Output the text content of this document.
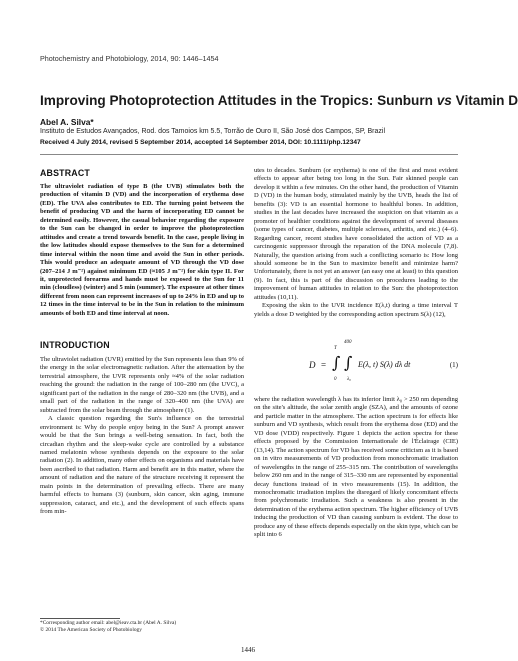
Photochemistry and Photobiology, 2014, 90: 1446–1454
Improving Photoprotection Attitudes in the Tropics: Sunburn vs Vitamin D
Abel A. Silva*
Instituto de Estudos Avançados, Rod. dos Tamoios km 5.5, Torrão de Ouro II, São José dos Campos, SP, Brazil
Received 4 July 2014, revised 5 September 2014, accepted 14 September 2014, DOI: 10.1111/php.12347
ABSTRACT
The ultraviolet radiation of type B (the UVB) stimulates both the production of vitamin D (VD) and the incorporation of erythema dose (ED). The UVA also contributes to ED. The turning point between the benefit of producing VD and the harm of incorporating ED cannot be determined easily. However, the casual behavior regarding the exposure to the Sun can be changed in order to improve the photoprotection attitudes and create a trend towards benefit. In the case, people living in the low latitudes should expose themselves to the Sun for a determined time interval within the noon time and avoid the Sun in other periods. This would produce an adequate amount of VD through the VD dose (207–214 J m⁻²) against minimum ED (≈105 J m⁻²) for skin type II. For it, unprotected forearms and hands must be exposed to the Sun for 11 min (cloudless) (winter) and 5 min (summer). The exposure at other times different from noon can represent increases of up to 24% in ED and up to 12 times in the time interval to be in the Sun in relation to the minimum amounts of both ED and time interval at noon.
INTRODUCTION

The ultraviolet radiation (UVR) emitted by the Sun represents less than 9% of the energy in the solar electromagnetic radiation. After the attenuation by the terrestrial atmosphere, the UVR represents only ≈4% of the solar radiation reaching the ground: the radiation in the range of 100–280 nm (the UVC), a significant part of the radiation in the range of 280–320 nm (the UVB), and a small part of the radiation in the range of 320–400 nm (the UVA) are subtracted from the solar beam through the atmosphere (1).

A classic question regarding the Sun's influence on the terrestrial environment is: Why do people enjoy being in the Sun? A prompt answer would be that the Sun brings a well-being sensation. In fact, both the circadian rhythm and the sleep-wake cycle are controlled by a substance named melatonin whose synthesis depends on the exposure to the solar radiation (2). In addition, many other effects on organisms and materials have been ascribed to that radiation. Harm and benefit are in this matter, where the amount of radiation and the nature of the structure receiving it represent the main points in the determination of prevailing effects. There are many harmful effects to humans (3) (sunburn, skin cancer, skin aging, immune suppression, cataract, and etc.), and the development of such effects spans from min-

utes to decades. Sunburn (or erythema) is one of the first and most evident effects to appear after being too long in the Sun. Fair skinned people can develop it within a few minutes. On the other hand, the production of Vitamin D (VD) in the human body, stimulated mainly by the UVB, heads the list of benefits (3): VD is an essential hormone to healthful bones. In addition, studies in the last decades have increased the suspicion on that vitamin as a promoter of healthier conditions against the development of several diseases (some types of cancer, diabetes, multiple scleroses, arthritis, and etc.) (4–6). Regarding cancer, recent studies have consolidated the action of VD as a carcinogenic suppressor through the reparation of the DNA molecule (7,8). Naturally, the question arising from such a conflicting scenario is: How long should someone be in the Sun to maximize benefit and minimize harm? Unfortunately, there is not yet an answer (an easy one at least) to this question (9). In fact, this is part of the discussion on procedures leading to the improvement of human attitudes in relation to the Sun: the photoprotection attitudes (10,11).

Exposing the skin to the UVR incidence E(λ,t) during a time interval T yields a dose D weighted by the corresponding action spectrum S(λ) (12),

D =
T
∫
0
400
∫
λ₀
E(λ, t) S(λ) dλ dt	(1)

where the radiation wavelength λ has its inferior limit λ₀ > 250 nm depending on the site's altitude, the solar zenith angle (SZA), and the amounts of ozone and particle matter in the atmosphere. The action spectrum is for effects like sunburn and VD synthesis, which result from the erythema dose (ED) and the VD dose (VDD) respectively. Figure 1 depicts the action spectra for these effects proposed by the Commission Internationale de l'Éclairage (CIE) (13,14). The action spectrum for VD has received some criticism as it is based on in vitro measurements of VD production from monochromatic irradiation of wavelengths in the range of 255–315 nm. The contribution of wavelengths below 260 nm and in the range of 315–330 nm are represented by exponential decay functions instead of in vivo measurements (15). In addition, the monochromatic irradiation implies the disregard of likely concomitant effects from polychromatic irradiation. Such a weakness is also present in the determination of the erythema action spectrum. The higher efficiency of UVB inducing the production of VD than causing sunburn is evident. The dose to produce any of these effects depends especially on the skin type, which can be split into 6

*Corresponding author email: abel@ieav.cta.br (Abel A. Silva)
© 2014 The American Society of Photobiology
1446
